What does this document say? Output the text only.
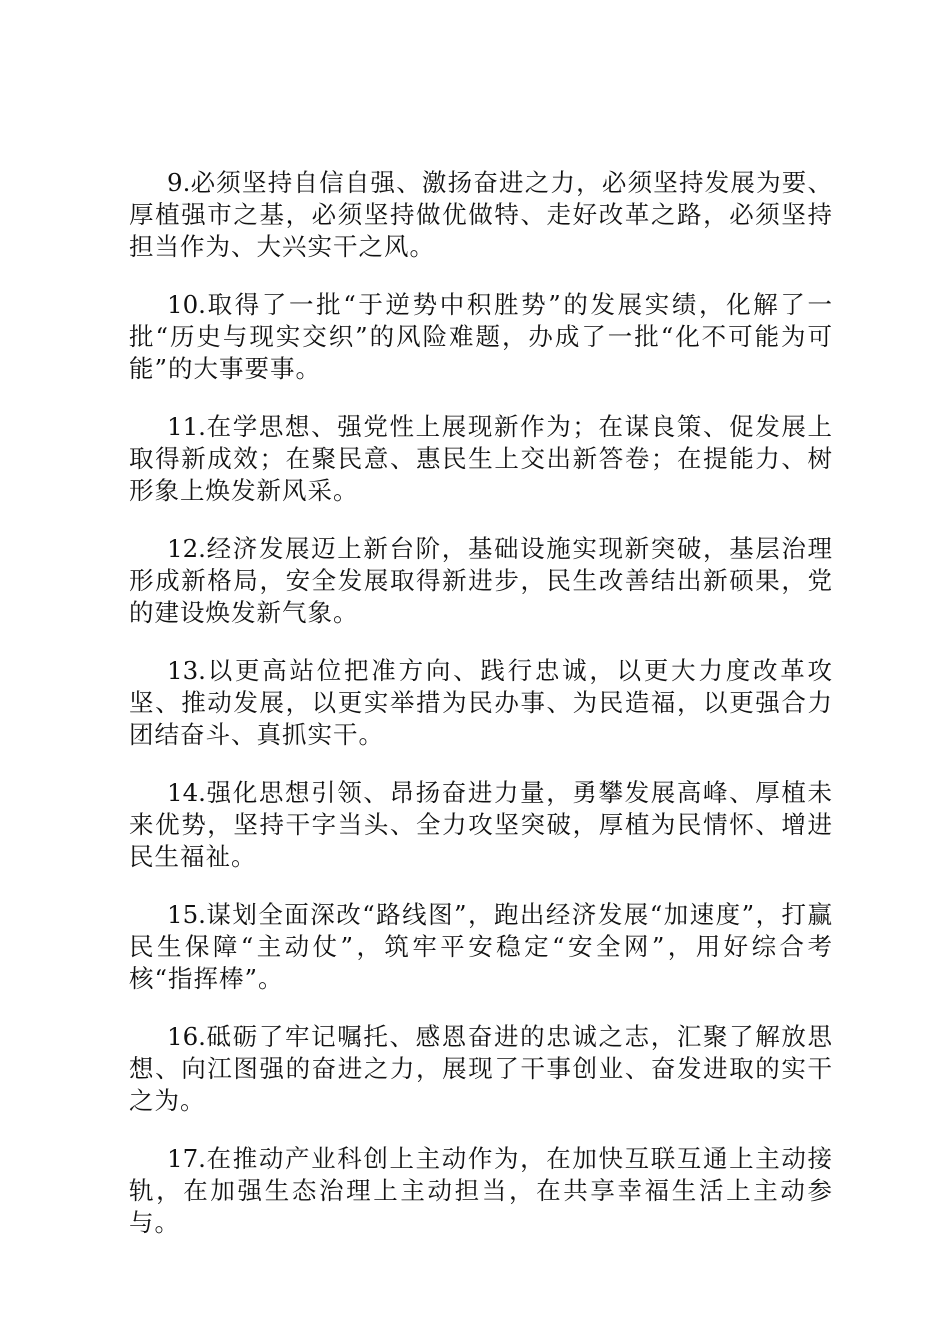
9.必须坚持自信自强、激扬奋进之力，必须坚持发展为要、厚植强市之基，必须坚持做优做特、走好改革之路，必须坚持担当作为、大兴实干之风。

10.取得了一批“于逆势中积胜势”的发展实绩，化解了一批“历史与现实交织”的风险难题，办成了一批“化不可能为可能”的大事要事。

11.在学思想、强党性上展现新作为；在谋良策、促发展上取得新成效；在聚民意、惠民生上交出新答卷；在提能力、树形象上焕发新风采。

12.经济发展迈上新台阶，基础设施实现新突破，基层治理形成新格局，安全发展取得新进步，民生改善结出新硕果，党的建设焕发新气象。

13.以更高站位把准方向、践行忠诚，以更大力度改革攻坚、推动发展，以更实举措为民办事、为民造福，以更强合力团结奋斗、真抓实干。

14.强化思想引领、昂扬奋进力量，勇攀发展高峰、厚植未来优势，坚持干字当头、全力攻坚突破，厚植为民情怀、增进民生福祉。

15.谋划全面深改“路线图”，跑出经济发展“加速度”，打赢民生保障“主动仗”，筑牢平安稳定“安全网”，用好综合考核“指挥棒”。

16.砥砺了牢记嘱托、感恩奋进的忠诚之志，汇聚了解放思想、向江图强的奋进之力，展现了干事创业、奋发进取的实干之为。

17.在推动产业科创上主动作为，在加快互联互通上主动接轨，在加强生态治理上主动担当，在共享幸福生活上主动参与。
